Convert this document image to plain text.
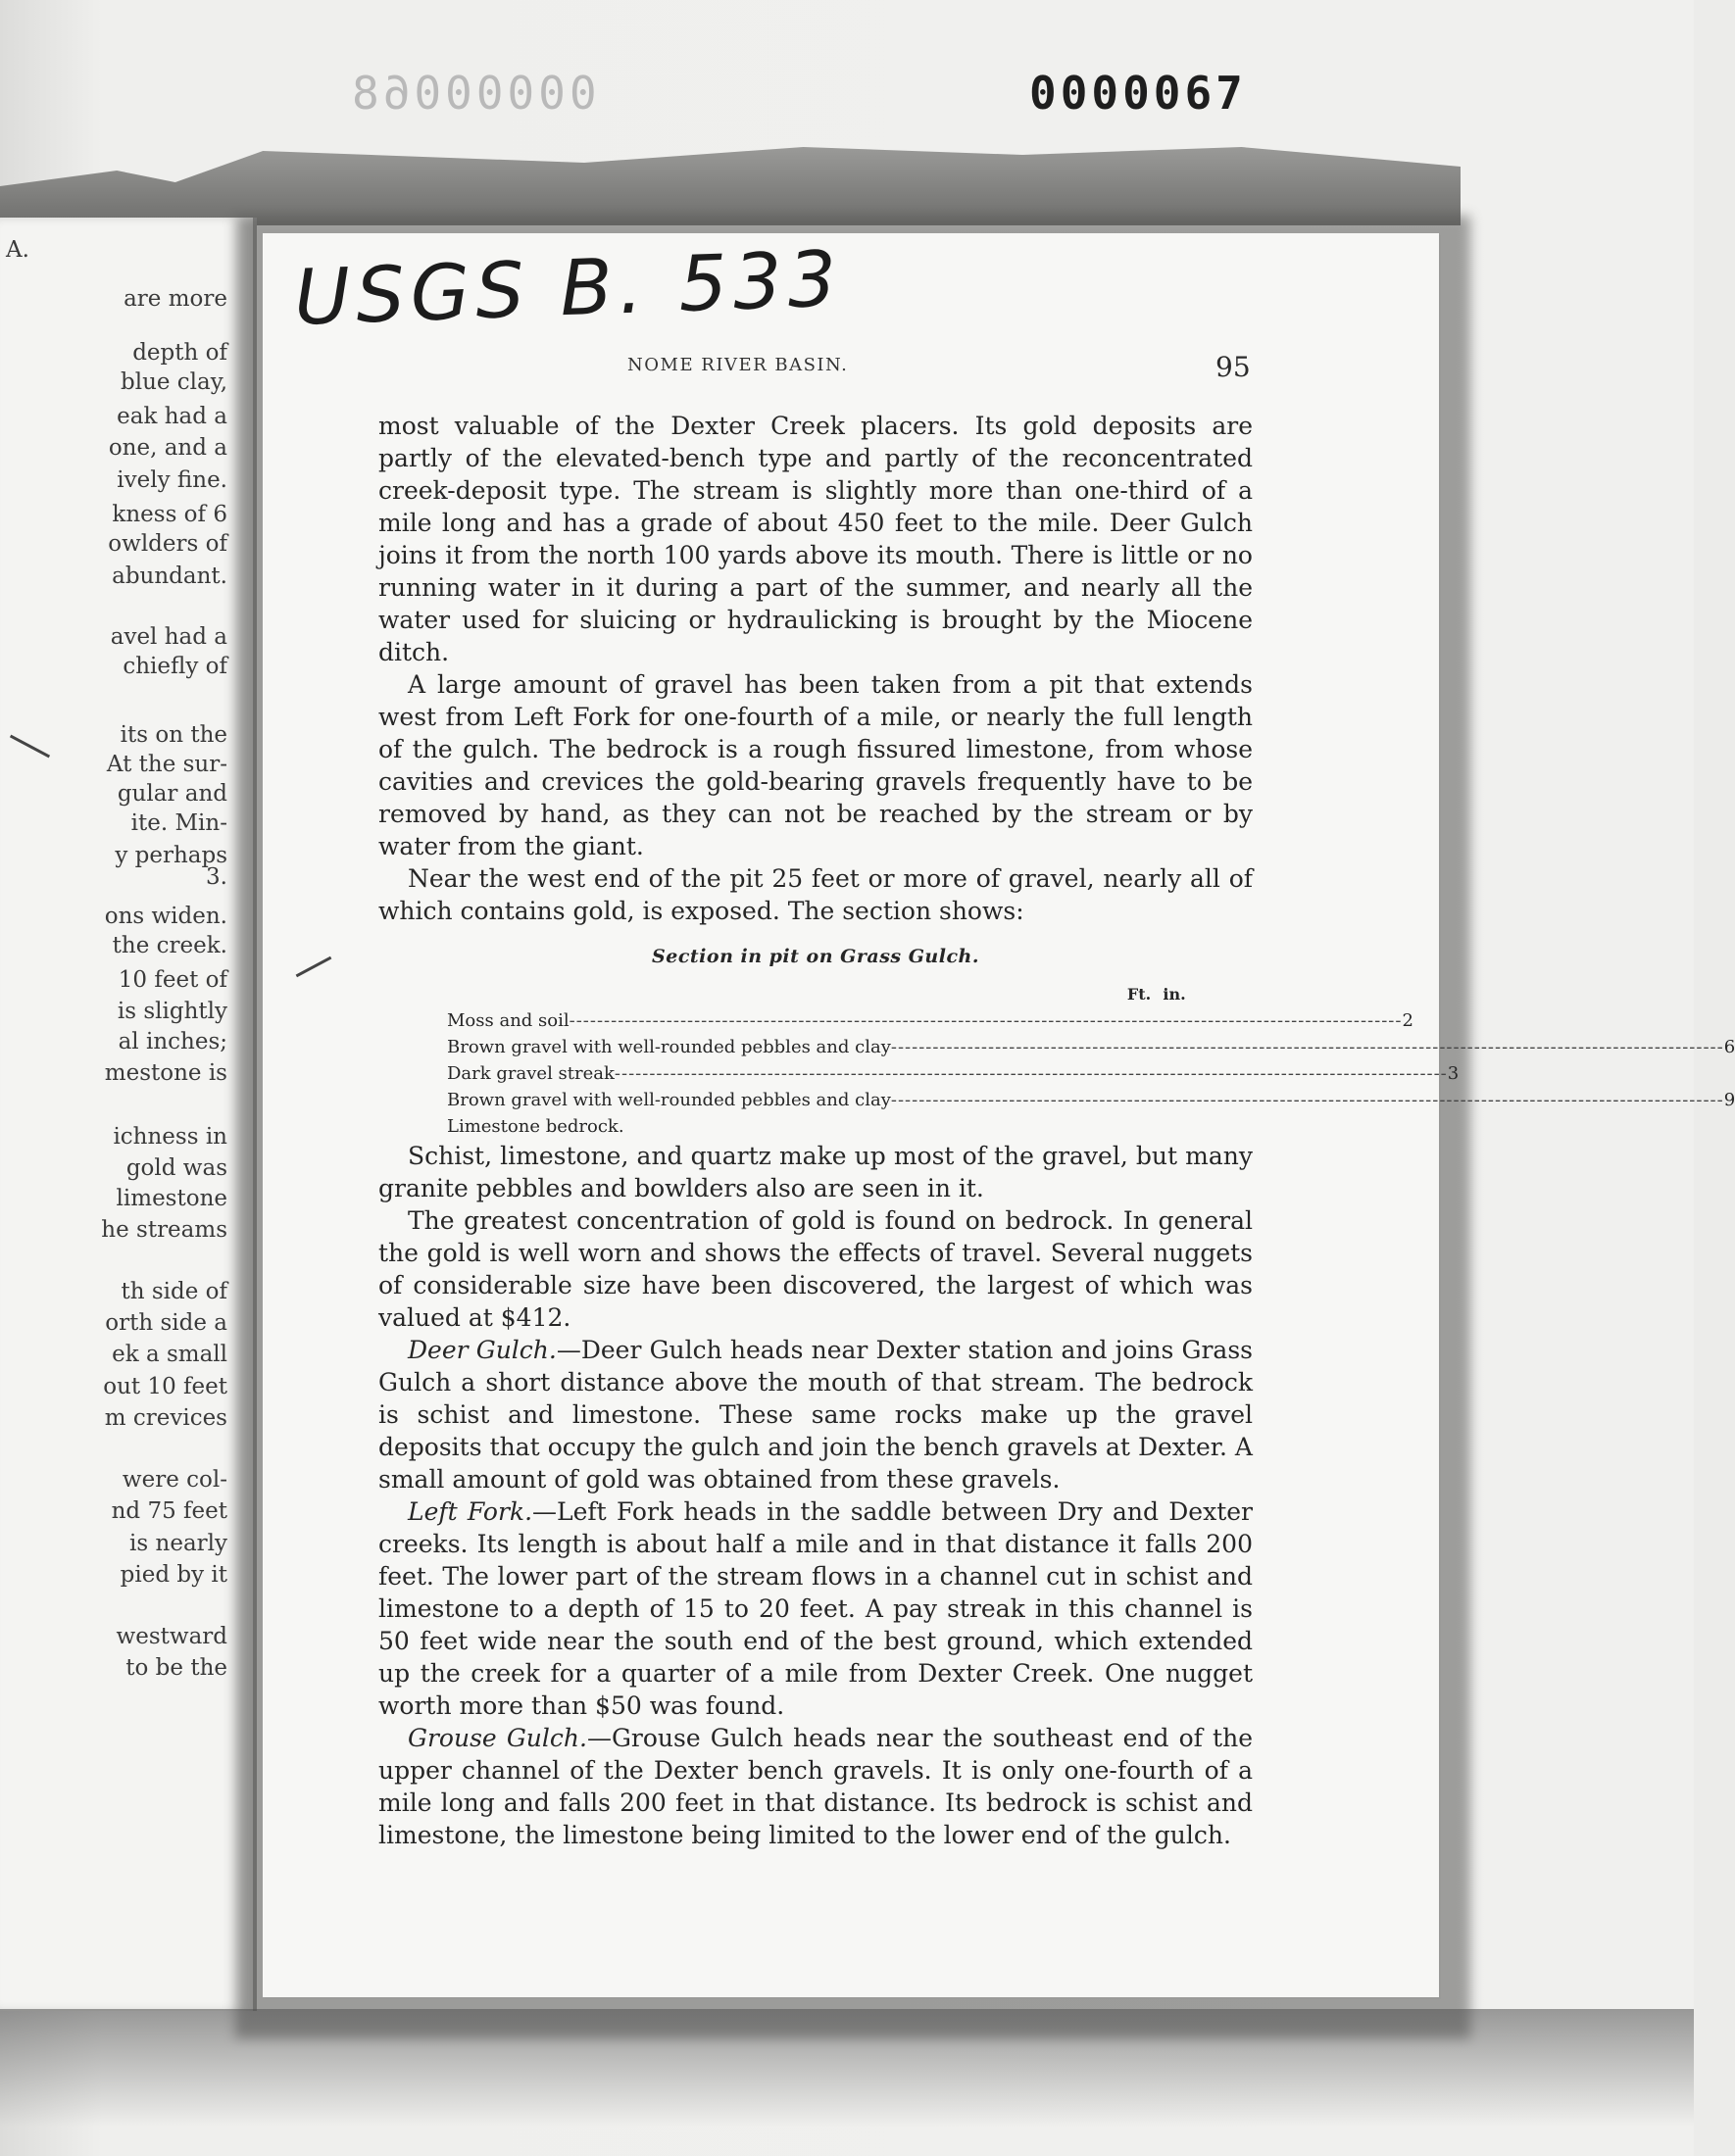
00000068	0000067
A.
are more
depth of
blue clay,
eak had a
one, and a
ively fine.
kness of 6
owlders of
abundant.
avel had a
chiefly of
its on the
At the sur-
gular and
ite. Min-
y perhaps
3.
ons widen.
the creek.
10 feet of
is slightly
al inches;
mestone is
ichness in
gold was
limestone
he streams
th side of
orth side a
ek a small
out 10 feet
m crevices
were col-
nd 75 feet
is nearly
pied by it
westward
to be the
USGS B. 533
NOME RIVER BASIN.	95

most valuable of the Dexter Creek placers. Its gold deposits are partly of the elevated-bench type and partly of the reconcentrated creek-deposit type. The stream is slightly more than one-third of a mile long and has a grade of about 450 feet to the mile. Deer Gulch joins it from the north 100 yards above its mouth. There is little or no running water in it during a part of the summer, and nearly all the water used for sluicing or hydraulicking is brought by the Miocene ditch.

A large amount of gravel has been taken from a pit that extends west from Left Fork for one-fourth of a mile, or nearly the full length of the gulch. The bedrock is a rough fissured limestone, from whose cavities and crevices the gold-bearing gravels frequently have to be removed by hand, as they can not be reached by the stream or by water from the giant.

Near the west end of the pit 25 feet or more of gravel, nearly all of which contains gold, is exposed. The section shows:

Section in pit on Grass Gulch.
Ft. in.
Moss and soil ------------------------------------------------------------------------------------------------------------------------ 2
Brown gravel with well-rounded pebbles and clay ------------------------------------------------------------------------------------------------------------------------ 6
Dark gravel streak ------------------------------------------------------------------------------------------------------------------------ 3
Brown gravel with well-rounded pebbles and clay ------------------------------------------------------------------------------------------------------------------------ 9
Limestone bedrock.

Schist, limestone, and quartz make up most of the gravel, but many granite pebbles and bowlders also are seen in it.

The greatest concentration of gold is found on bedrock. In general the gold is well worn and shows the effects of travel. Several nuggets of considerable size have been discovered, the largest of which was valued at $412.

Deer Gulch.—Deer Gulch heads near Dexter station and joins Grass Gulch a short distance above the mouth of that stream. The bedrock is schist and limestone. These same rocks make up the gravel deposits that occupy the gulch and join the bench gravels at Dexter. A small amount of gold was obtained from these gravels.

Left Fork.—Left Fork heads in the saddle between Dry and Dexter creeks. Its length is about half a mile and in that distance it falls 200 feet. The lower part of the stream flows in a channel cut in schist and limestone to a depth of 15 to 20 feet. A pay streak in this channel is 50 feet wide near the south end of the best ground, which extended up the creek for a quarter of a mile from Dexter Creek. One nugget worth more than $50 was found.

Grouse Gulch.—Grouse Gulch heads near the southeast end of the upper channel of the Dexter bench gravels. It is only one-fourth of a mile long and falls 200 feet in that distance. Its bedrock is schist and limestone, the limestone being limited to the lower end of the gulch.
